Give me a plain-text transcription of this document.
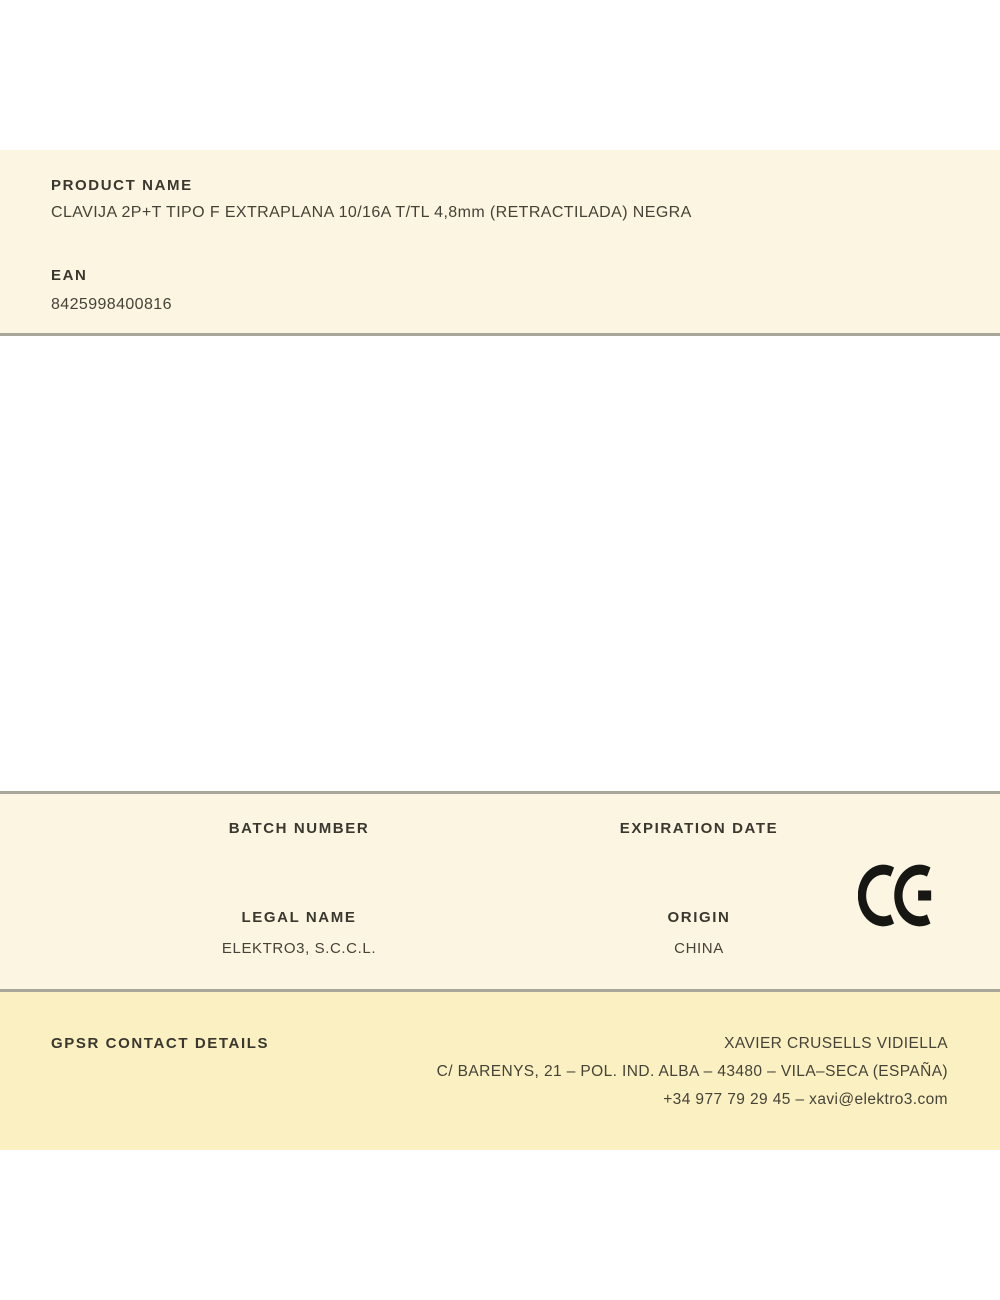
PRODUCT NAME
CLAVIJA 2P+T TIPO F EXTRAPLANA 10/16A T/TL 4,8mm (RETRACTILADA) NEGRA
EAN
8425998400816
BATCH NUMBER
LEGAL NAME
ELEKTRO3, S.C.C.L.
EXPIRATION DATE
ORIGIN
CHINA
GPSR CONTACT DETAILS	XAVIER CRUSELLS VIDIELLA
C/ BARENYS, 21 – POL. IND. ALBA – 43480 – VILA–SECA (ESPAÑA)
+34 977 79 29 45 – xavi@elektro3.com
